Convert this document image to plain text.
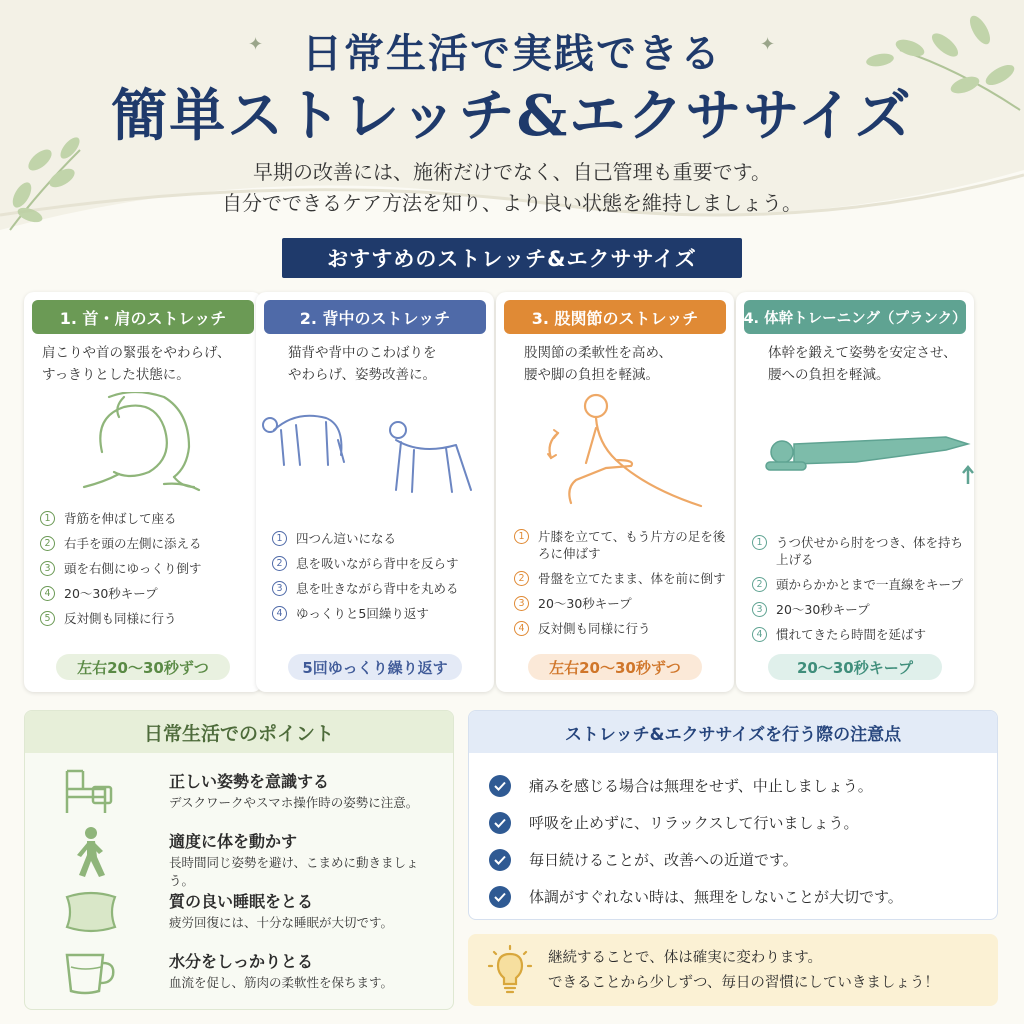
✦	✦
日常生活で実践できる
簡単ストレッチ&エクササイズ
早期の改善には、施術だけでなく、自己管理も重要です。
自分でできるケア方法を知り、より良い状態を維持しましょう。
おすすめのストレッチ&エクササイズ
1. 首・肩のストレッチ
肩こりや首の緊張をやわらげ、
すっきりとした状態に。
1	背筋を伸ばして座る
2	右手を頭の左側に添える
3	頭を右側にゆっくり倒す
4	20〜30秒キープ
5	反対側も同様に行う
左右20〜30秒ずつ
2. 背中のストレッチ
猫背や背中のこわばりを
やわらげ、姿勢改善に。
1	四つん這いになる
2	息を吸いながら背中を反らす
3	息を吐きながら背中を丸める
4	ゆっくりと5回繰り返す
5回ゆっくり繰り返す
3. 股関節のストレッチ
股関節の柔軟性を高め、
腰や脚の負担を軽減。
1	片膝を立てて、もう片方の足を後ろに伸ばす
2	骨盤を立てたまま、体を前に倒す
3	20〜30秒キープ
4	反対側も同様に行う
左右20〜30秒ずつ
4. 体幹トレーニング（プランク）
体幹を鍛えて姿勢を安定させ、
腰への負担を軽減。
1	うつ伏せから肘をつき、体を持ち上げる
2	頭からかかとまで一直線をキープ
3	20〜30秒キープ
4	慣れてきたら時間を延ばす
20〜30秒キープ
日常生活でのポイント
正しい姿勢を意識する
デスクワークやスマホ操作時の姿勢に注意。
適度に体を動かす
長時間同じ姿勢を避け、こまめに動きましょう。
質の良い睡眠をとる
疲労回復には、十分な睡眠が大切です。
水分をしっかりとる
血流を促し、筋肉の柔軟性を保ちます。
ストレッチ&エクササイズを行う際の注意点
痛みを感じる場合は無理をせず、中止しましょう。
呼吸を止めずに、リラックスして行いましょう。
毎日続けることが、改善への近道です。
体調がすぐれない時は、無理をしないことが大切です。
継続することで、体は確実に変わります。
できることから少しずつ、毎日の習慣にしていきましょう！
